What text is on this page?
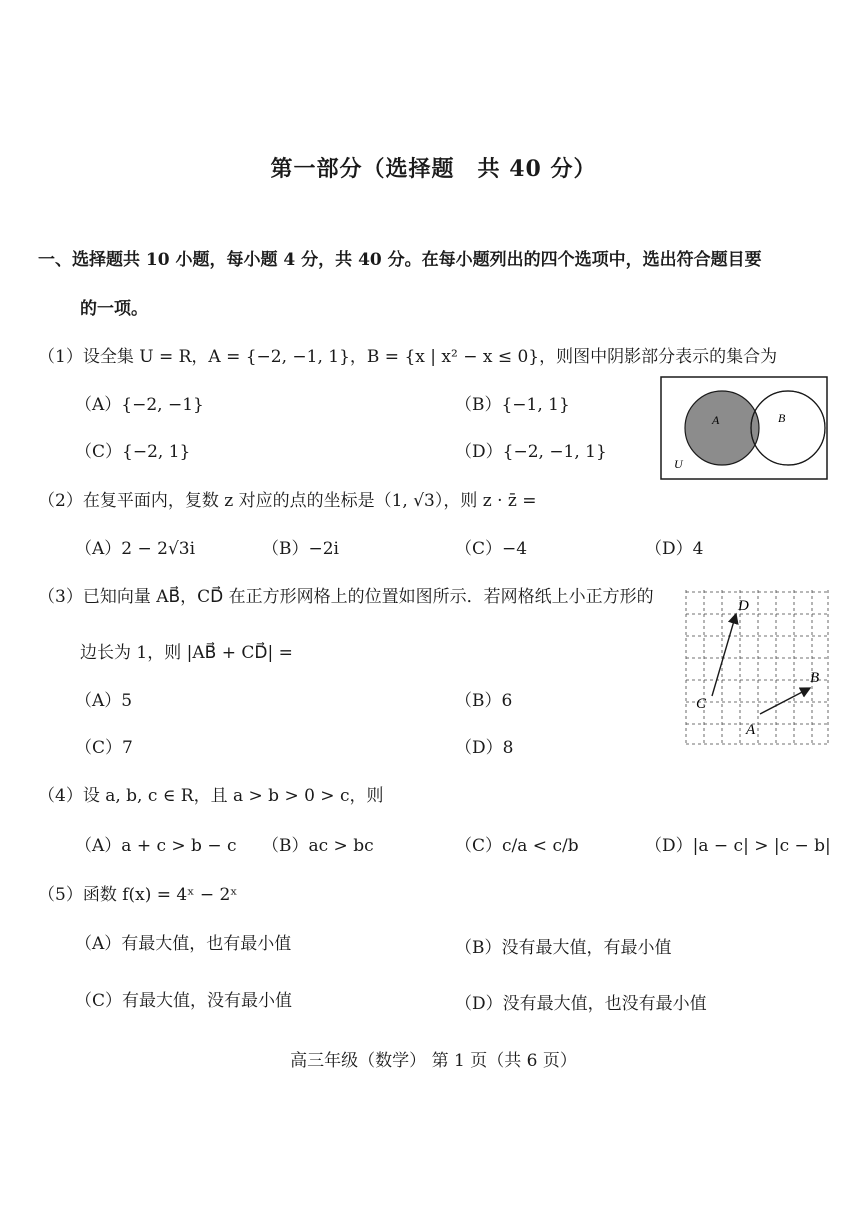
第一部分（选择题　共 40 分）
一、选择题共 10 小题，每小题 4 分，共 40 分。在每小题列出的四个选项中，选出符合题目要
的一项。
（1）设全集 U = R，A = {−2, −1, 1}，B = {x | x² − x ≤ 0}，则图中阴影部分表示的集合为
（A）{−2, −1}	（B）{−1, 1}
（C）{−2, 1}	（D）{−2, −1, 1}
A	B
U
（2）在复平面内，复数 z 对应的点的坐标是（1, √3），则 z · z̄ =
（A）2 − 2√3i	（B）−2i	（C）−4	（D）4
（3）已知向量 AB⃗，CD⃗ 在正方形网格上的位置如图所示．若网格纸上小正方形的
边长为 1，则 |AB⃗ + CD⃗| =
（A）5	（B）6
（C）7	（D）8
D
C
A
B
（4）设 a, b, c ∈ R，且 a > b > 0 > c，则
（A）a + c > b − c （B）ac > bc	（C）c/a < c/b	（D）|a − c| > |c − b|
（5）函数 f(x) = 4ˣ − 2ˣ
（A）有最大值，也有最小值	（B）没有最大值，有最小值
（C）有最大值，没有最小值	（D）没有最大值，也没有最小值
高三年级（数学） 第 1 页（共 6 页）
